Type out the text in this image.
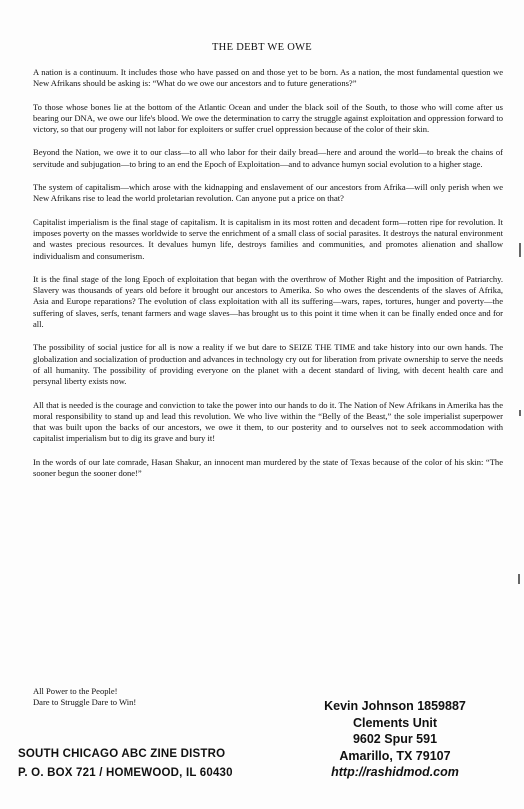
THE DEBT WE OWE

A nation is a continuum. It includes those who have passed on and those yet to be born. As a nation, the most fundamental question we New Afrikans should be asking is: “What do we owe our ancestors and to future generations?”

To those whose bones lie at the bottom of the Atlantic Ocean and under the black soil of the South, to those who will come after us bearing our DNA, we owe our life's blood. We owe the determination to carry the struggle against exploitation and oppression forward to victory, so that our progeny will not labor for exploiters or suffer cruel oppression because of the color of their skin.

Beyond the Nation, we owe it to our class—to all who labor for their daily bread—here and around the world—to break the chains of servitude and subjugation—to bring to an end the Epoch of Exploitation—and to advance humyn social evolution to a higher stage.

The system of capitalism—which arose with the kidnapping and enslavement of our ancestors from Afrika—will only perish when we New Afrikans rise to lead the world proletarian revolution. Can anyone put a price on that?

Capitalist imperialism is the final stage of capitalism. It is capitalism in its most rotten and decadent form—rotten ripe for revolution. It imposes poverty on the masses worldwide to serve the enrichment of a small class of social parasites. It destroys the natural environment and wastes precious resources. It devalues humyn life, destroys families and communities, and promotes alienation and shallow individualism and consumerism.

It is the final stage of the long Epoch of exploitation that began with the overthrow of Mother Right and the imposition of Patriarchy. Slavery was thousands of years old before it brought our ancestors to Amerika. So who owes the descendents of the slaves of Afrika, Asia and Europe reparations? The evolution of class exploitation with all its suffering—wars, rapes, tortures, hunger and poverty—the suffering of slaves, serfs, tenant farmers and wage slaves—has brought us to this point it time when it can be finally ended once and for all.

The possibility of social justice for all is now a reality if we but dare to SEIZE THE TIME and take history into our own hands. The globalization and socialization of production and advances in technology cry out for liberation from private ownership to serve the needs of all humanity. The possibility of providing everyone on the planet with a decent standard of living, with decent health care and persynal liberty exists now.

All that is needed is the courage and conviction to take the power into our hands to do it. The Nation of New Afrikans in Amerika has the moral responsibility to stand up and lead this revolution. We who live within the “Belly of the Beast,” the sole imperialist superpower that was built upon the backs of our ancestors, we owe it them, to our posterity and to ourselves not to seek accommodation with capitalist imperialism but to dig its grave and bury it!

In the words of our late comrade, Hasan Shakur, an innocent man murdered by the state of Texas because of the color of his skin: “The sooner begun the sooner done!”

All Power to the People!
Dare to Struggle Dare to Win!	Kevin Johnson 1859887
Clements Unit
9602 Spur 591
Amarillo, TX 79107
http://rashidmod.com
SOUTH CHICAGO ABC ZINE DISTRO
P. O. BOX 721 / HOMEWOOD, IL 60430
